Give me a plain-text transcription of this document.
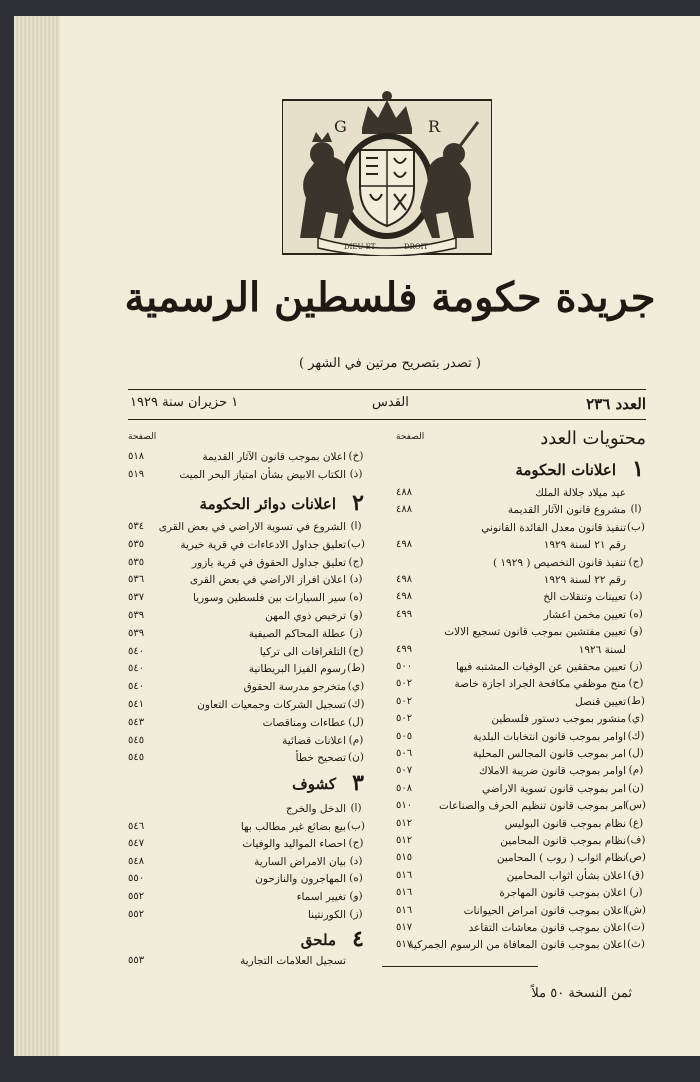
G	R
DIEU ET	DROIT
جريدة حكومة فلسطين الرسمية
( تصدر بتصريح مرتين في الشهر )
العدد ٢٣٦
القدس
١ حزيران سنة ١٩٢٩
محتويات العدد
الصفحة
١
اعلانات الحكومة
عيد ميلاد جلالة الملك
٤٨٨
(ا)
مشروع قانون الآثار القديمة
٤٨٨
(ب)
تنفيذ قانون معدل الفائدة القانوني
رقم ٢١ لسنة ١٩٢٩
٤٩٨
(ج)
تنفيذ قانون التخصيص ( ١٩٢٩ )
رقم ٢٢ لسنة ١٩٢٩
٤٩٨
(د)
تعيينات وتنقلات الخ
٤٩٨
(ه)
تعيين مخمن اعشار
٤٩٩
(و)
تعيين مفتشين بموجب قانون تسجيع الالات
لسنة ١٩٢٦
٤٩٩
(ز)
تعيين محققين عن الوفيات المشتبه فيها
٥٠٠
(ح)
منح موظفي مكافحة الجراد اجازة خاصة
٥٠٢
(ط)
تعيين قنصل
٥٠٢
(ي)
منشور بموجب دستور فلسطين
٥٠٢
(ك)
اوامر بموجب قانون انتخابات البلدية
٥٠٥
(ل)
امر بموجب قانون المجالس المحلية
٥٠٦
(م)
اوامر بموجب قانون ضريبة الاملاك
٥٠٧
(ن)
امر بموجب قانون تسوية الاراضي
٥٠٨
(س)
امر بموجب قانون تنظيم الحرف والصناعات
٥١٠
(ع)
نظام بموجب قانون البوليس
٥١٢
(ف)
نظام بموجب قانون المحامين
٥١٢
(ص)
نظام اثواب ( روب ) المحامين
٥١٥
(ق)
اعلان بشأن اثواب المحامين
٥١٦
(ر)
اعلان بموجب قانون المهاجرة
٥١٦
(ش)
اعلان بموجب قانون امراض الحيوانات
٥١٦
(ت)
اعلان بموجب قانون معاشات التقاعد
٥١٧
(ث)
اعلان بموجب قانون المعافاة من الرسوم الجمركية
٥١٧
الصفحة
(خ)
اعلان بموجب قانون الآثار القديمة
٥١٨
(ذ)
الكتاب الابيض بشأن امتياز البحر الميت
٥١٩
٢
اعلانات دوائر الحكومة
(ا)
الشروع في تسوية الاراضي في بعض القرى
٥٣٤
(ب)
تعليق جداول الادعاءات في قرية خيرية
٥٣٥
(ج)
تعليق جداول الحقوق في قرية يازور
٥٣٥
(د)
اعلان افراز الاراضي في بعض القرى
٥٣٦
(ه)
سير السيارات بين فلسطين وسوريا
٥٣٧
(و)
ترخيص ذوي المهن
٥٣٩
(ز)
عطلة المحاكم الصيفية
٥٣٩
(ح)
التلغرافات الى تركيا
٥٤٠
(ط)
رسوم الفيزا البريطانية
٥٤٠
(ي)
متخرجو مدرسة الحقوق
٥٤٠
(ك)
تسجيل الشركات وجمعيات التعاون
٥٤١
(ل)
عطاءات ومناقصات
٥٤٣
(م)
اعلانات قضائية
٥٤٥
(ن)
تصحيح خطأ
٥٤٥
٣
كشوف
(ا)
الدخل والخرج
(ب)
بيع بضائع غير مطالب بها
٥٤٦
(ج)
احصاء المواليد والوفيات
٥٤٧
(د)
بيان الامراض السارية
٥٤٨
(ه)
المهاجرون والنازحون
٥٥٠
(و)
تغيير اسماء
٥٥٢
(ز)
الكورنتينا
٥٥٢
٤
ملحق
تسجيل العلامات التجارية
٥٥٣
ثمن النسخة ٥٠ ملاً
